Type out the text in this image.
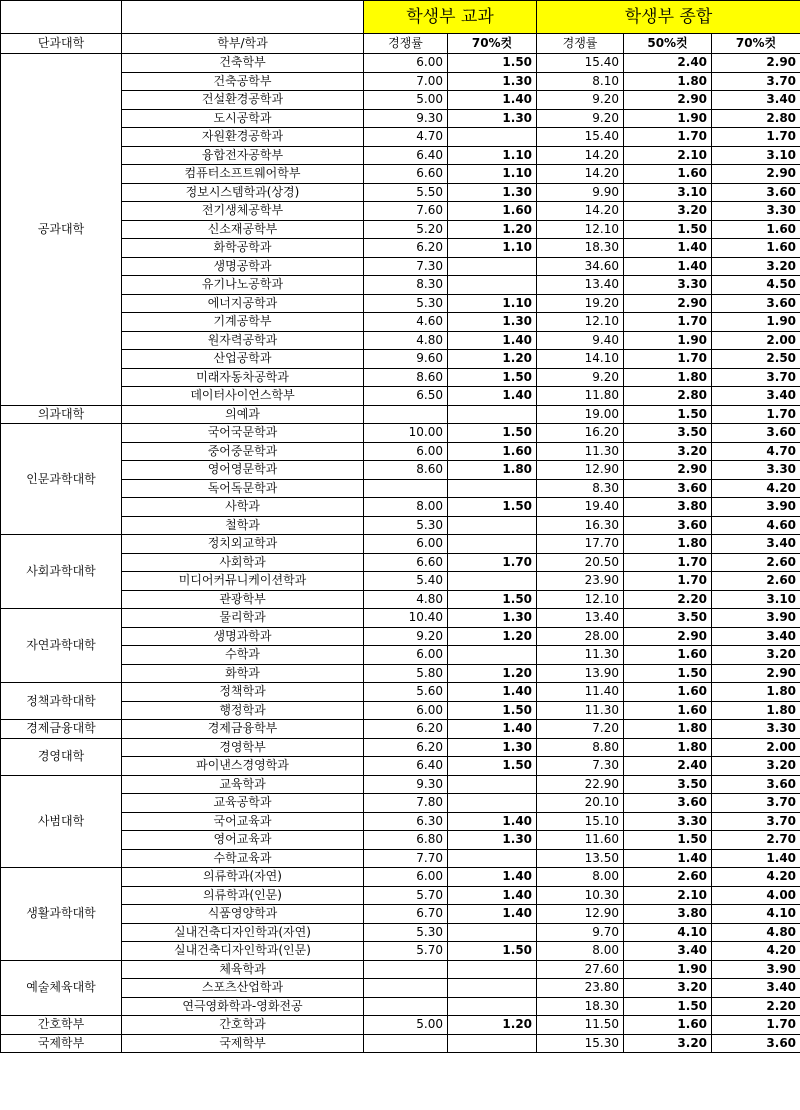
		학생부 교과		학생부 종합		
단과대학	학부/학과	경쟁률	70%컷	경쟁률	50%컷	70%컷
공과대학	건축학부	6.00	1.50	15.40	2.40	2.90
	건축공학부	7.00	1.30	8.10	1.80	3.70
	건설환경공학과	5.00	1.40	9.20	2.90	3.40
	도시공학과	9.30	1.30	9.20	1.90	2.80
	자원환경공학과	4.70		15.40	1.70	1.70
	융합전자공학부	6.40	1.10	14.20	2.10	3.10
	컴퓨터소프트웨어학부	6.60	1.10	14.20	1.60	2.90
	정보시스템학과(상경)	5.50	1.30	9.90	3.10	3.60
	전기생체공학부	7.60	1.60	14.20	3.20	3.30
	신소재공학부	5.20	1.20	12.10	1.50	1.60
	화학공학과	6.20	1.10	18.30	1.40	1.60
	생명공학과	7.30		34.60	1.40	3.20
	유기나노공학과	8.30		13.40	3.30	4.50
	에너지공학과	5.30	1.10	19.20	2.90	3.60
	기계공학부	4.60	1.30	12.10	1.70	1.90
	원자력공학과	4.80	1.40	9.40	1.90	2.00
	산업공학과	9.60	1.20	14.10	1.70	2.50
	미래자동차공학과	8.60	1.50	9.20	1.80	3.70
	데이터사이언스학부	6.50	1.40	11.80	2.80	3.40
의과대학	의예과			19.00	1.50	1.70
인문과학대학	국어국문학과	10.00	1.50	16.20	3.50	3.60
	중어중문학과	6.00	1.60	11.30	3.20	4.70
	영어영문학과	8.60	1.80	12.90	2.90	3.30
	독어독문학과			8.30	3.60	4.20
	사학과	8.00	1.50	19.40	3.80	3.90
	철학과	5.30		16.30	3.60	4.60
사회과학대학	정치외교학과	6.00		17.70	1.80	3.40
	사회학과	6.60	1.70	20.50	1.70	2.60
	미디어커뮤니케이션학과	5.40		23.90	1.70	2.60
	관광학부	4.80	1.50	12.10	2.20	3.10
자연과학대학	물리학과	10.40	1.30	13.40	3.50	3.90
	생명과학과	9.20	1.20	28.00	2.90	3.40
	수학과	6.00		11.30	1.60	3.20
	화학과	5.80	1.20	13.90	1.50	2.90
정책과학대학	정책학과	5.60	1.40	11.40	1.60	1.80
	행정학과	6.00	1.50	11.30	1.60	1.80
경제금융대학	경제금융학부	6.20	1.40	7.20	1.80	3.30
경영대학	경영학부	6.20	1.30	8.80	1.80	2.00
	파이낸스경영학과	6.40	1.50	7.30	2.40	3.20
사범대학	교육학과	9.30		22.90	3.50	3.60
	교육공학과	7.80		20.10	3.60	3.70
	국어교육과	6.30	1.40	15.10	3.30	3.70
	영어교육과	6.80	1.30	11.60	1.50	2.70
	수학교육과	7.70		13.50	1.40	1.40
생활과학대학	의류학과(자연)	6.00	1.40	8.00	2.60	4.20
	의류학과(인문)	5.70	1.40	10.30	2.10	4.00
	식품영양학과	6.70	1.40	12.90	3.80	4.10
	실내건축디자인학과(자연)	5.30		9.70	4.10	4.80
	실내건축디자인학과(인문)	5.70	1.50	8.00	3.40	4.20
예술체육대학	체육학과			27.60	1.90	3.90
	스포츠산업학과			23.80	3.20	3.40
	연극영화학과-영화전공			18.30	1.50	2.20
간호학부	간호학과	5.00	1.20	11.50	1.60	1.70
국제학부	국제학부			15.30	3.20	3.60
